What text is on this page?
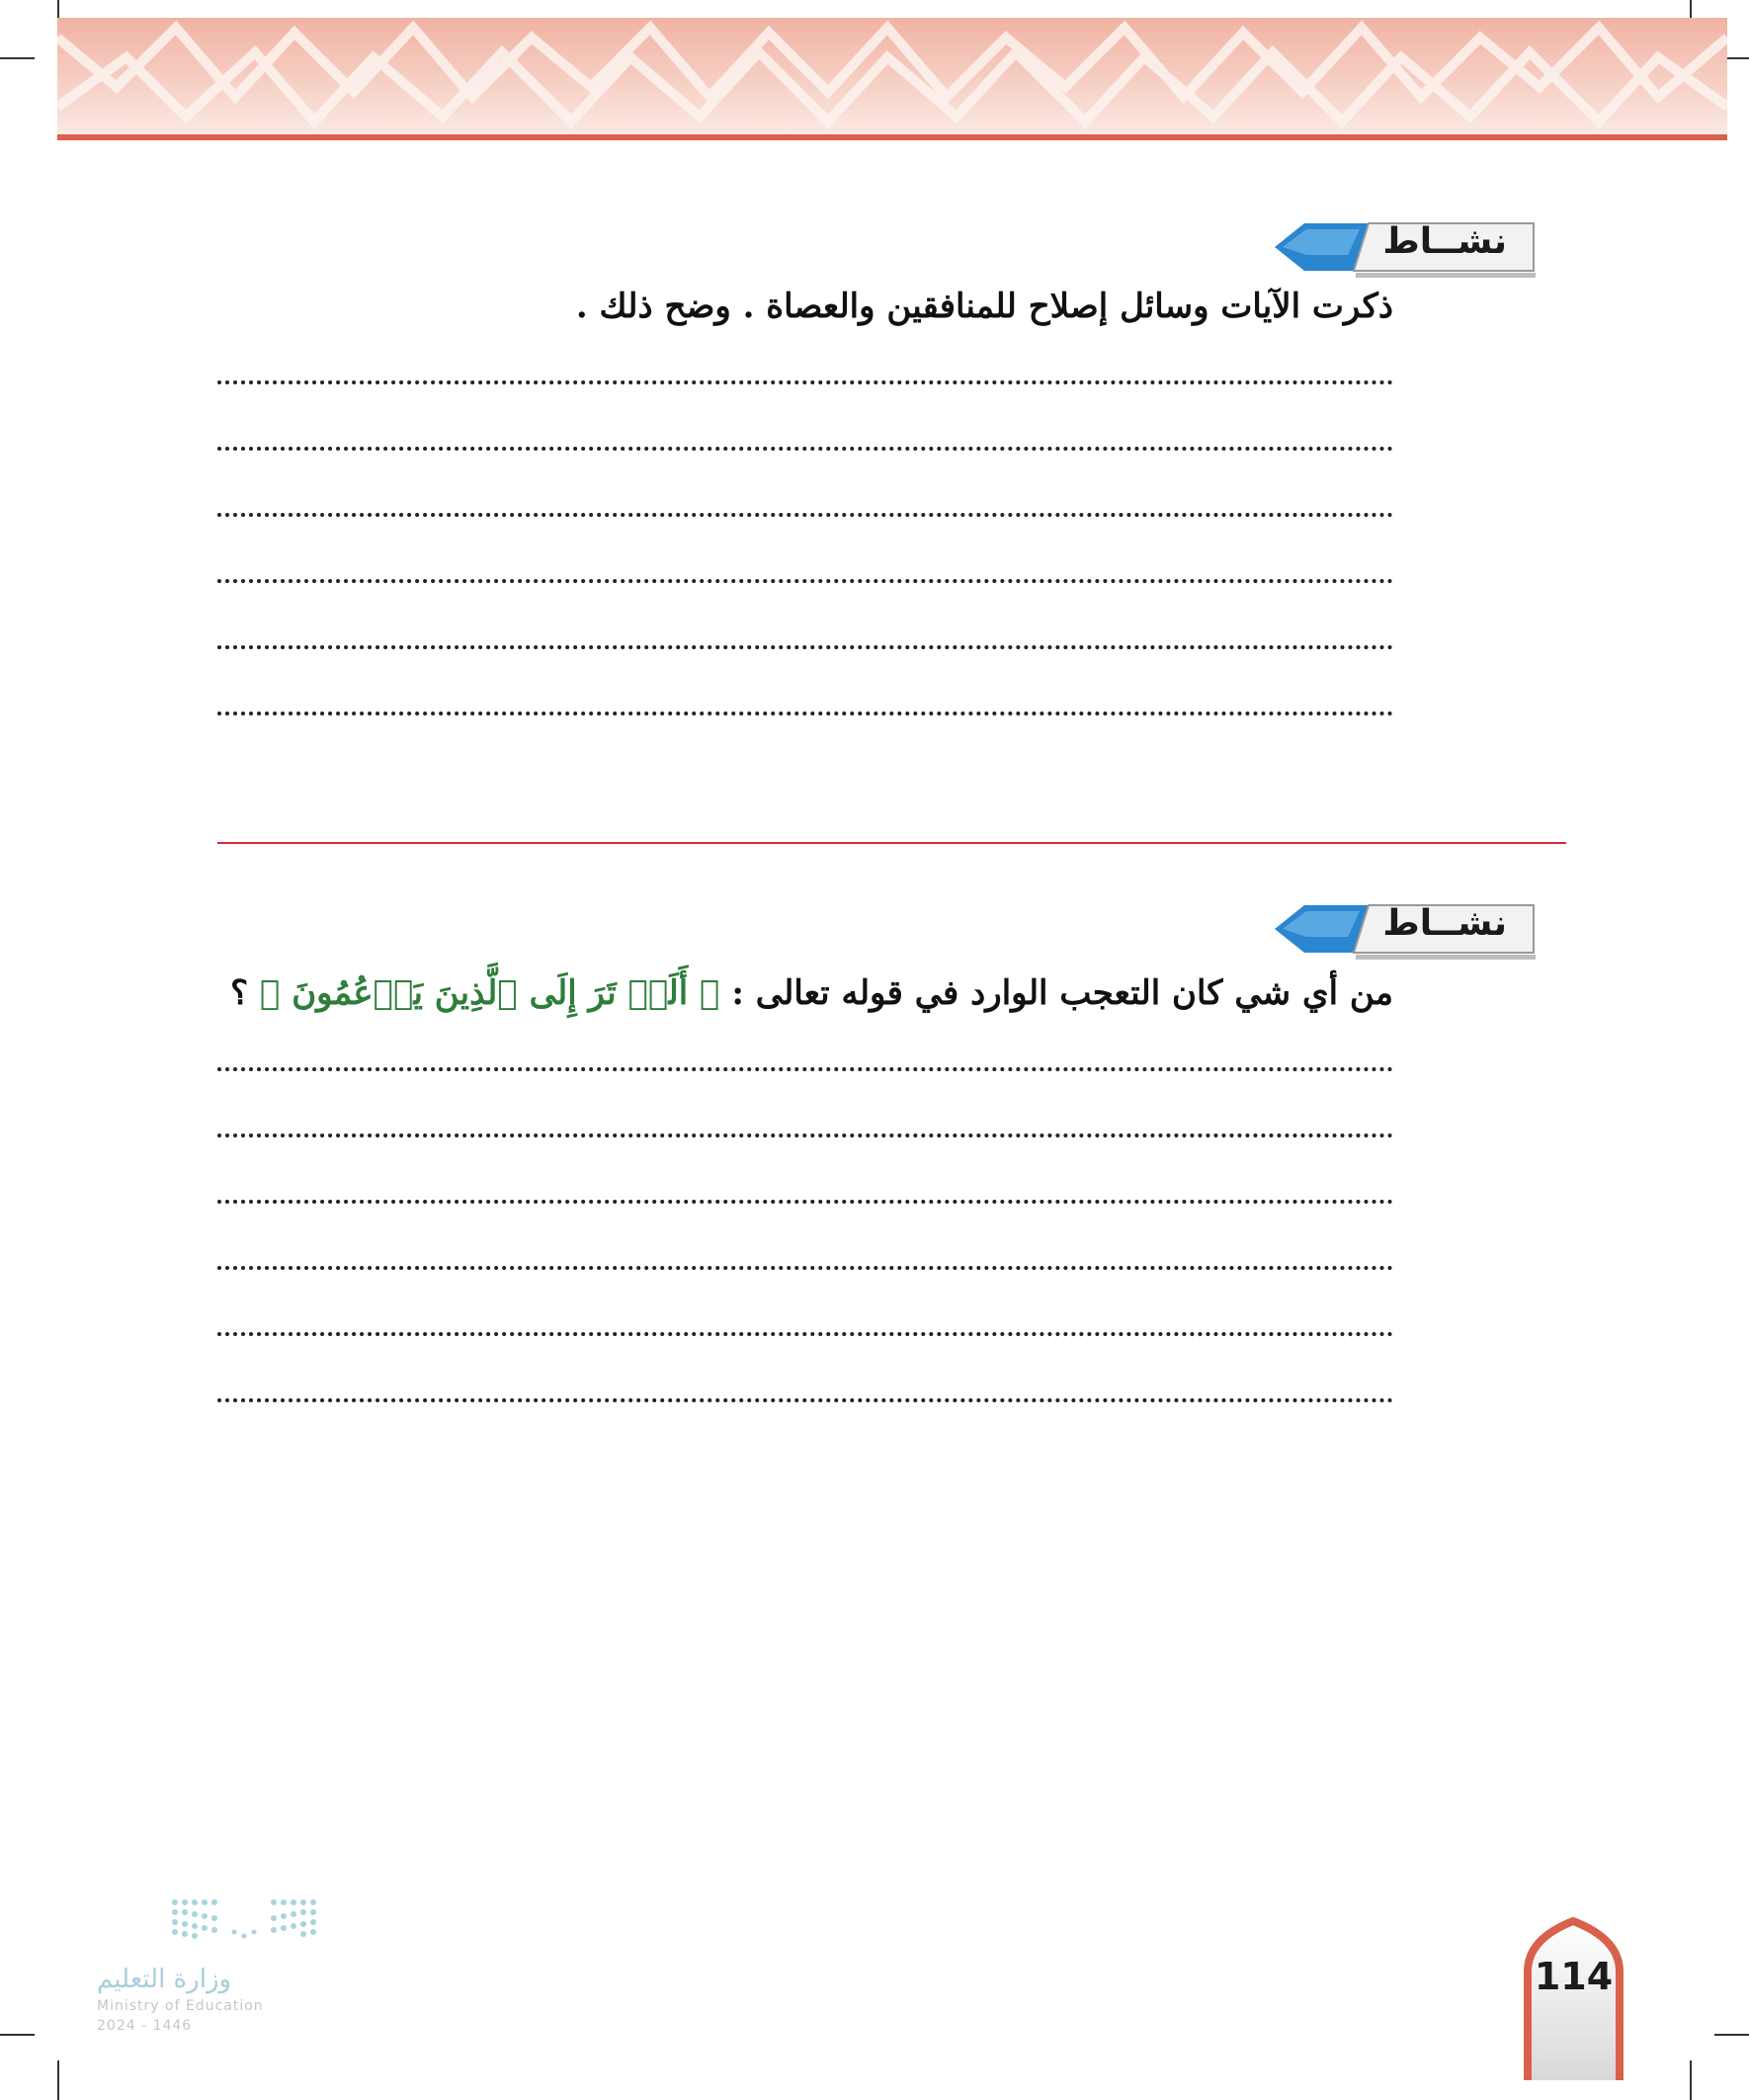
نشــاط
ذكرت الآيات وسائل إصلاح للمنافقين والعصاة . وضح ذلك .
نشــاط
من أي شي كان التعجب الوارد في قوله تعالى : ﴿ أَلَمۡ تَرَ إِلَى ٱلَّذِينَ يَزۡعُمُونَ ﴾ ؟
وزارة التعليم
Ministry of Education
2024 - 1446
114
